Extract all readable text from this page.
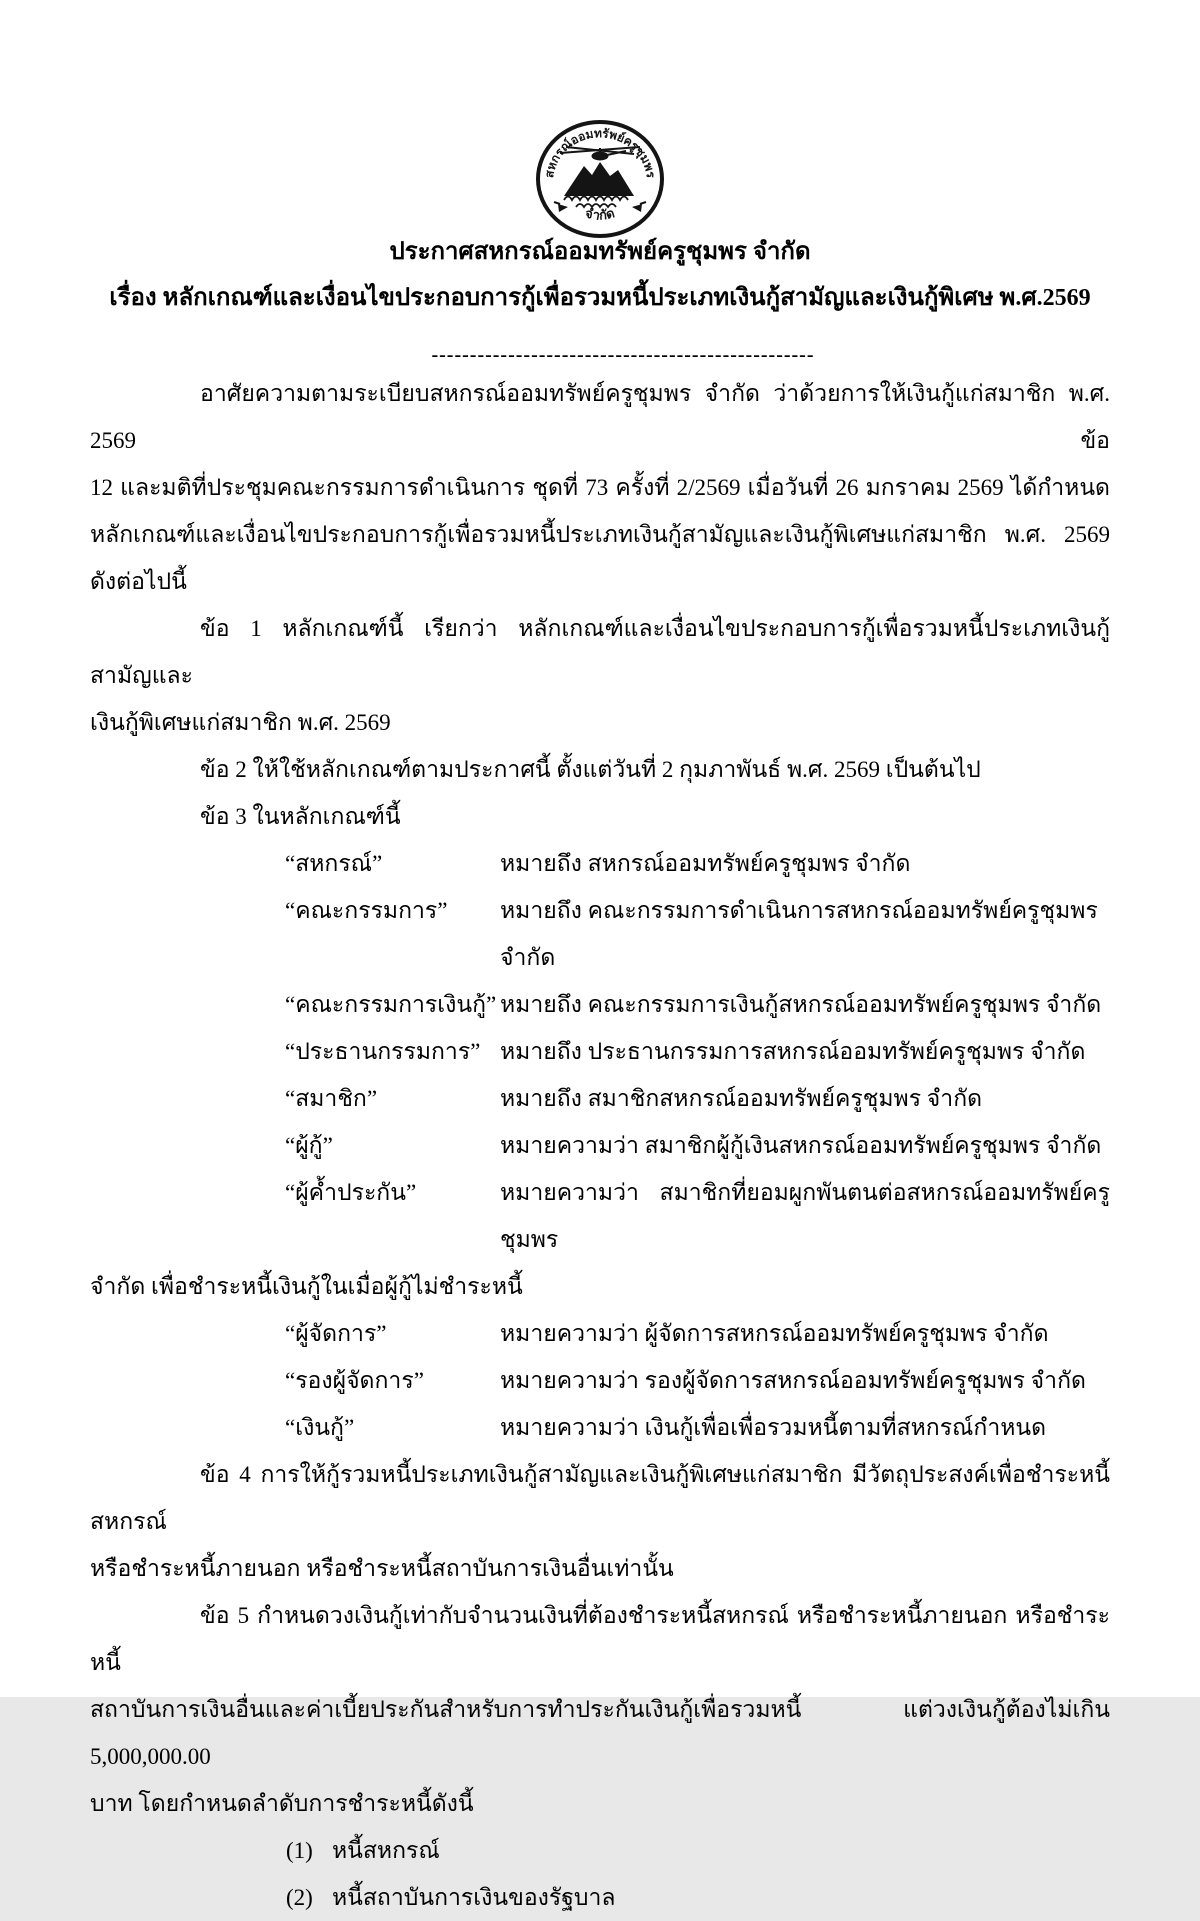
สหกรณ์ออมทรัพย์ครูชุมพร
จำกัด
ประกาศสหกรณ์ออมทรัพย์ครูชุมพร จำกัด
เรื่อง หลักเกณฑ์และเงื่อนไขประกอบการกู้เพื่อรวมหนี้ประเภทเงินกู้สามัญและเงินกู้พิเศษ พ.ศ.2569
--------------------------------------------------
อาศัยความตามระเบียบสหกรณ์ออมทรัพย์ครูชุมพร จำกัด ว่าด้วยการให้เงินกู้แก่สมาชิก พ.ศ. 2569 ข้อ
12 และมติที่ประชุมคณะกรรมการดำเนินการ ชุดที่ 73 ครั้งที่ 2/2569 เมื่อวันที่ 26 มกราคม 2569 ได้กำหนด
หลักเกณฑ์และเงื่อนไขประกอบการกู้เพื่อรวมหนี้ประเภทเงินกู้สามัญและเงินกู้พิเศษแก่สมาชิก พ.ศ. 2569
ดังต่อไปนี้
ข้อ 1 หลักเกณฑ์นี้ เรียกว่า หลักเกณฑ์และเงื่อนไขประกอบการกู้เพื่อรวมหนี้ประเภทเงินกู้สามัญและ
เงินกู้พิเศษแก่สมาชิก พ.ศ. 2569
ข้อ 2 ให้ใช้หลักเกณฑ์ตามประกาศนี้ ตั้งแต่วันที่ 2 กุมภาพันธ์ พ.ศ. 2569 เป็นต้นไป
ข้อ 3 ในหลักเกณฑ์นี้
“สหกรณ์”	หมายถึง สหกรณ์ออมทรัพย์ครูชุมพร จำกัด
“คณะกรรมการ”	หมายถึง คณะกรรมการดำเนินการสหกรณ์ออมทรัพย์ครูชุมพร จำกัด
“คณะกรรมการเงินกู้” หมายถึง คณะกรรมการเงินกู้สหกรณ์ออมทรัพย์ครูชุมพร จำกัด
“ประธานกรรมการ” หมายถึง ประธานกรรมการสหกรณ์ออมทรัพย์ครูชุมพร จำกัด
“สมาชิก”	หมายถึง สมาชิกสหกรณ์ออมทรัพย์ครูชุมพร จำกัด
“ผู้กู้”	หมายความว่า สมาชิกผู้กู้เงินสหกรณ์ออมทรัพย์ครูชุมพร จำกัด
“ผู้ค้ำประกัน”	หมายความว่า สมาชิกที่ยอมผูกพันตนต่อสหกรณ์ออมทรัพย์ครูชุมพร
จำกัด เพื่อชำระหนี้เงินกู้ในเมื่อผู้กู้ไม่ชำระหนี้
“ผู้จัดการ”	หมายความว่า ผู้จัดการสหกรณ์ออมทรัพย์ครูชุมพร จำกัด
“รองผู้จัดการ”	หมายความว่า รองผู้จัดการสหกรณ์ออมทรัพย์ครูชุมพร จำกัด
“เงินกู้”	หมายความว่า เงินกู้เพื่อเพื่อรวมหนี้ตามที่สหกรณ์กำหนด
ข้อ 4 การให้กู้รวมหนี้ประเภทเงินกู้สามัญและเงินกู้พิเศษแก่สมาชิก มีวัตถุประสงค์เพื่อชำระหนี้สหกรณ์
หรือชำระหนี้ภายนอก หรือชำระหนี้สถาบันการเงินอื่นเท่านั้น
ข้อ 5 กำหนดวงเงินกู้เท่ากับจำนวนเงินที่ต้องชำระหนี้สหกรณ์ หรือชำระหนี้ภายนอก หรือชำระหนี้
สถาบันการเงินอื่นและค่าเบี้ยประกันสำหรับการทำประกันเงินกู้เพื่อรวมหนี้ แต่วงเงินกู้ต้องไม่เกิน 5,000,000.00
บาท โดยกำหนดลำดับการชำระหนี้ดังนี้
(1) หนี้สหกรณ์
(2) หนี้สถาบันการเงินของรัฐบาล
